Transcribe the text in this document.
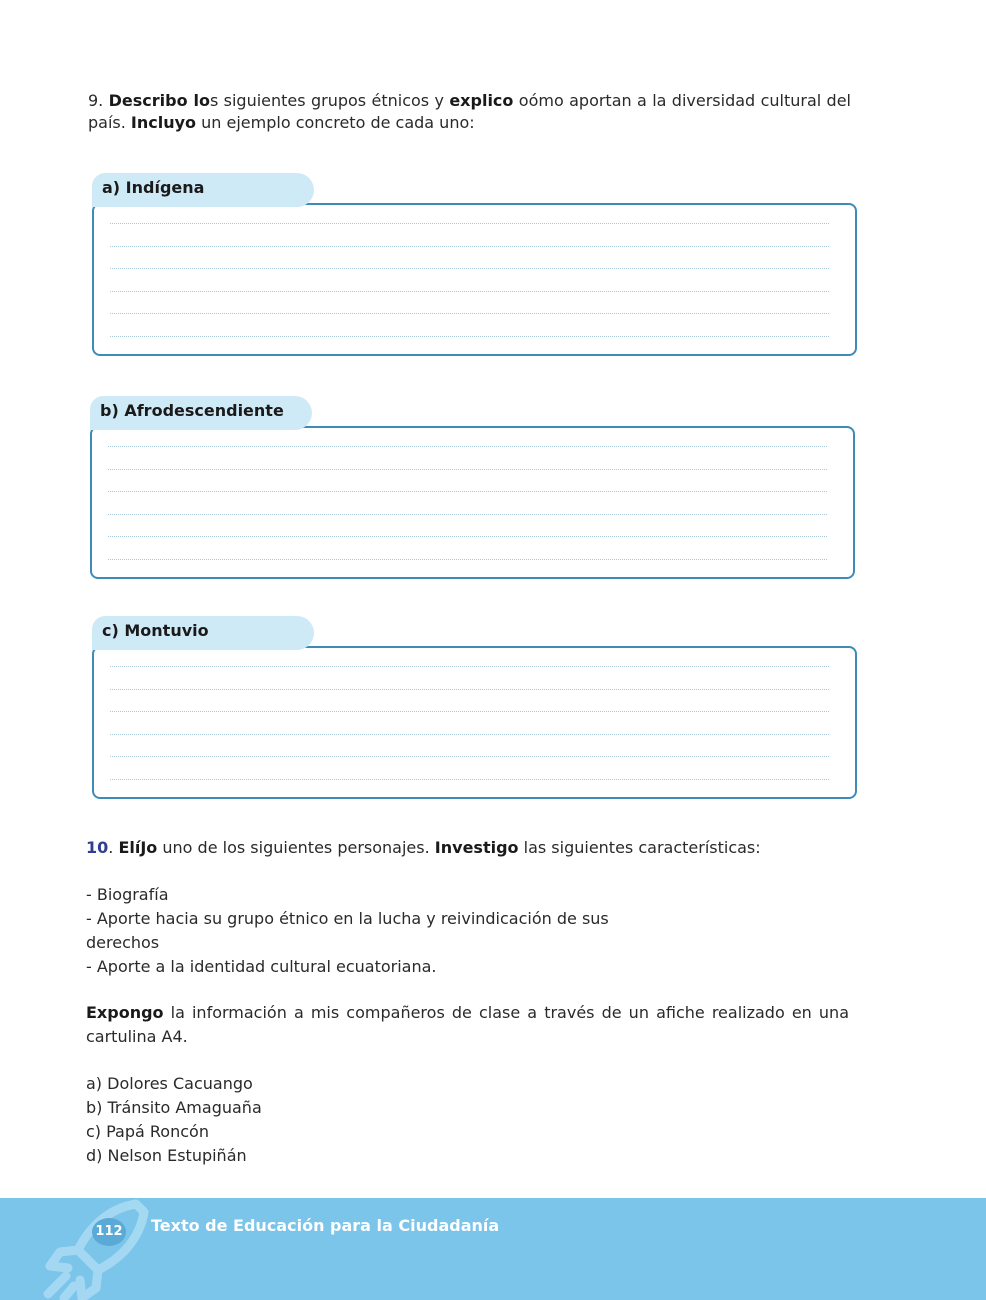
9. Describo los siguientes grupos étnicos y explico oómo aportan a la diversidad cultural del país. Incluyo un ejemplo concreto de cada uno:
a) Indígena
b) Afrodescendiente
c) Montuvio
10. ElíJo uno de los siguientes personajes. Investigo las siguientes características:
- Biografía
- Aporte hacia su grupo étnico en la lucha y reivindicación de sus
derechos
- Aporte a la identidad cultural ecuatoriana.
Expongo la información a mis compañeros de clase a través de un afiche realizado en una cartulina A4.
a) Dolores Cacuango
b) Tránsito Amaguaña
c) Papá Roncón
d) Nelson Estupiñán
112 Texto de Educación para la Ciudadanía
